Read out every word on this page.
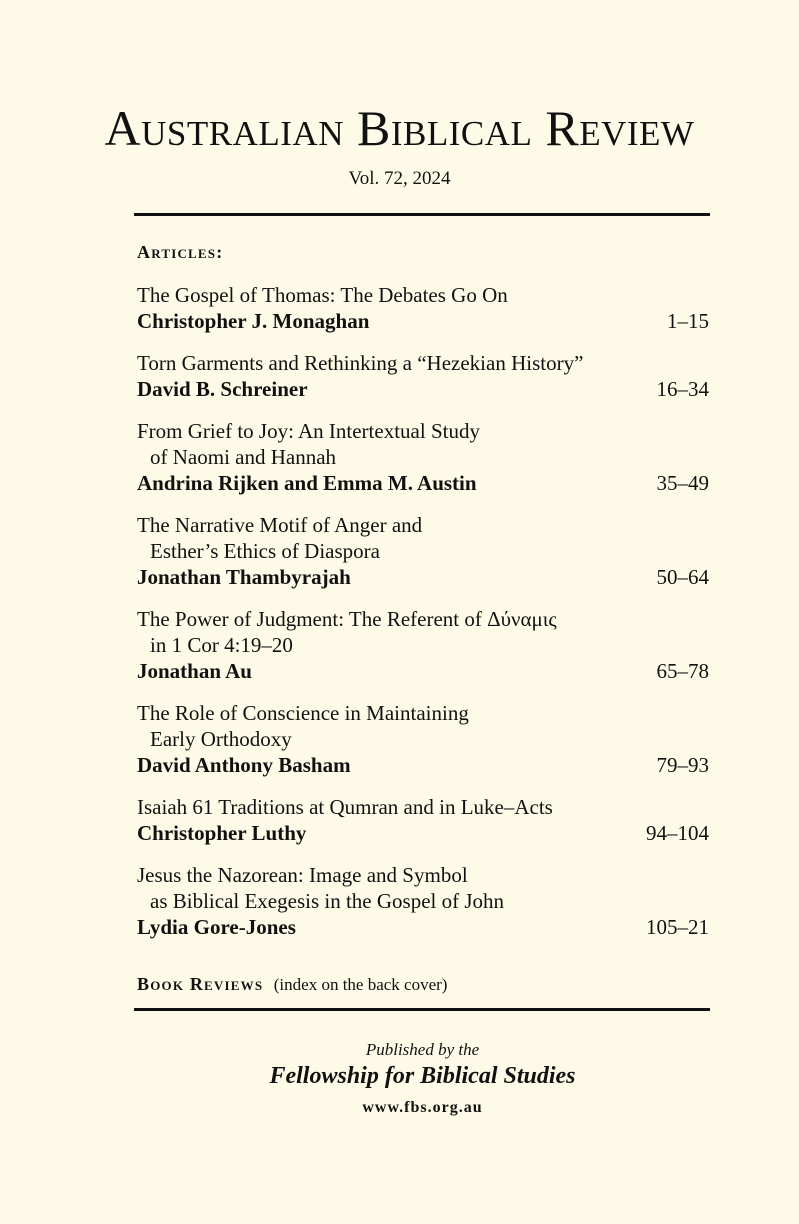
Australian Biblical Review
Vol. 72, 2024
Articles:
The Gospel of Thomas: The Debates Go On
Christopher J. Monaghan	1–15
Torn Garments and Rethinking a “Hezekian History”
David B. Schreiner	16–34
From Grief to Joy: An Intertextual Study
of Naomi and Hannah
Andrina Rijken and Emma M. Austin	35–49
The Narrative Motif of Anger and
Esther’s Ethics of Diaspora
Jonathan Thambyrajah	50–64
The Power of Judgment: The Referent of Δύναμις
in 1 Cor 4:19–20
Jonathan Au	65–78
The Role of Conscience in Maintaining
Early Orthodoxy
David Anthony Basham	79–93
Isaiah 61 Traditions at Qumran and in Luke–Acts
Christopher Luthy	94–104
Jesus the Nazorean: Image and Symbol
as Biblical Exegesis in the Gospel of John
Lydia Gore-Jones	105–21
Book Reviews (index on the back cover)
Published by the
Fellowship for Biblical Studies
www.fbs.org.au
